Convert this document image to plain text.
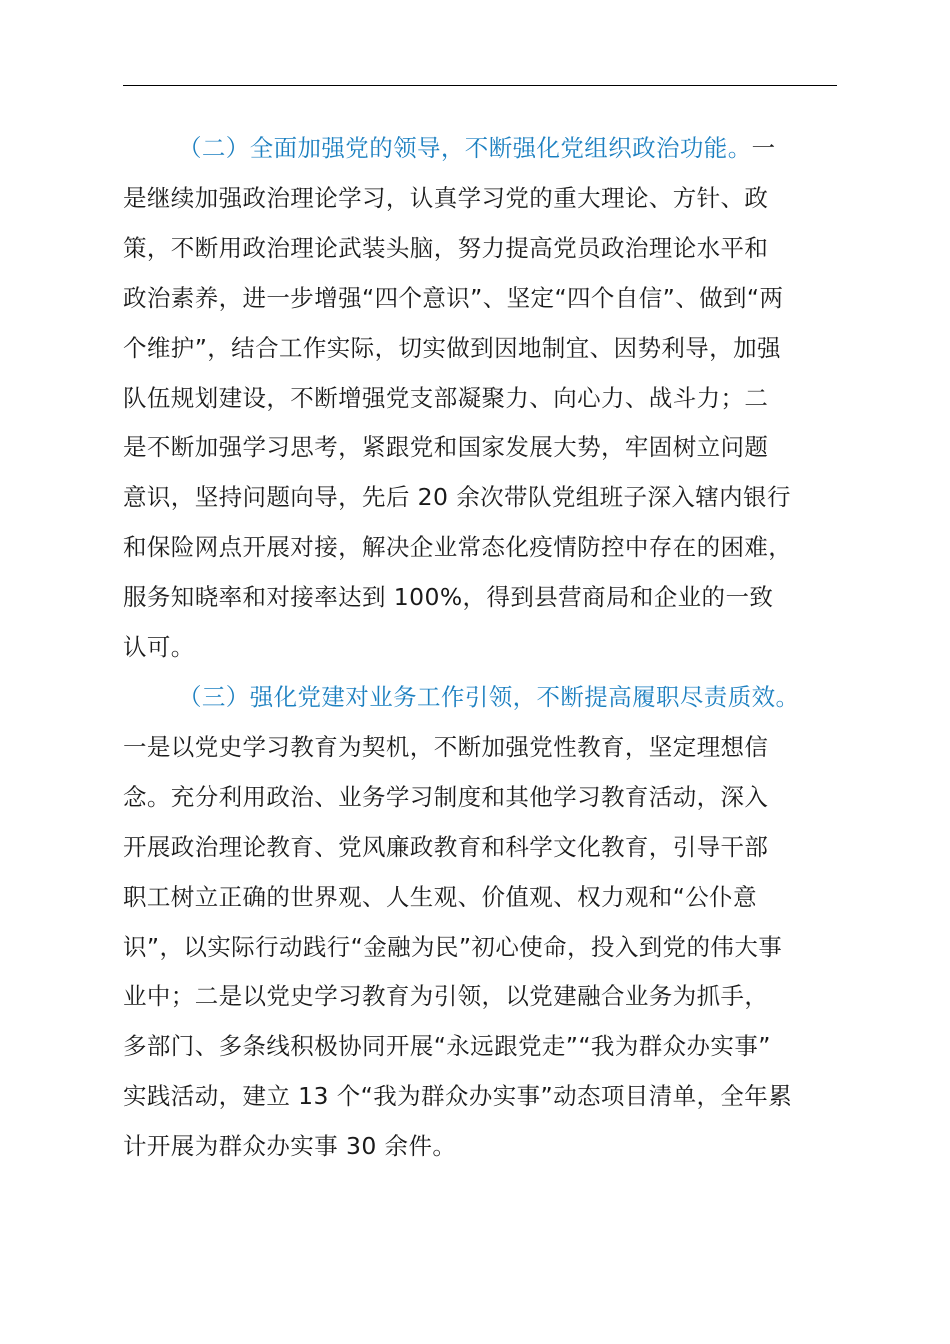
（二）全面加强党的领导，不断强化党组织政治功能。一
是继续加强政治理论学习，认真学习党的重大理论、方针、政
策，不断用政治理论武装头脑，努力提高党员政治理论水平和
政治素养，进一步增强“四个意识”、坚定“四个自信”、做到“两
个维护”，结合工作实际，切实做到因地制宜、因势利导，加强
队伍规划建设，不断增强党支部凝聚力、向心力、战斗力；二
是不断加强学习思考，紧跟党和国家发展大势，牢固树立问题
意识，坚持问题向导，先后 20 余次带队党组班子深入辖内银行
和保险网点开展对接，解决企业常态化疫情防控中存在的困难，
服务知晓率和对接率达到 100%，得到县营商局和企业的一致
认可。

（三）强化党建对业务工作引领，不断提高履职尽责质效。
一是以党史学习教育为契机，不断加强党性教育，坚定理想信
念。充分利用政治、业务学习制度和其他学习教育活动，深入
开展政治理论教育、党风廉政教育和科学文化教育，引导干部
职工树立正确的世界观、人生观、价值观、权力观和“公仆意
识”，以实际行动践行“金融为民”初心使命，投入到党的伟大事
业中；二是以党史学习教育为引领，以党建融合业务为抓手，
多部门、多条线积极协同开展“永远跟党走”“我为群众办实事”
实践活动，建立 13 个“我为群众办实事”动态项目清单，全年累
计开展为群众办实事 30 余件。
